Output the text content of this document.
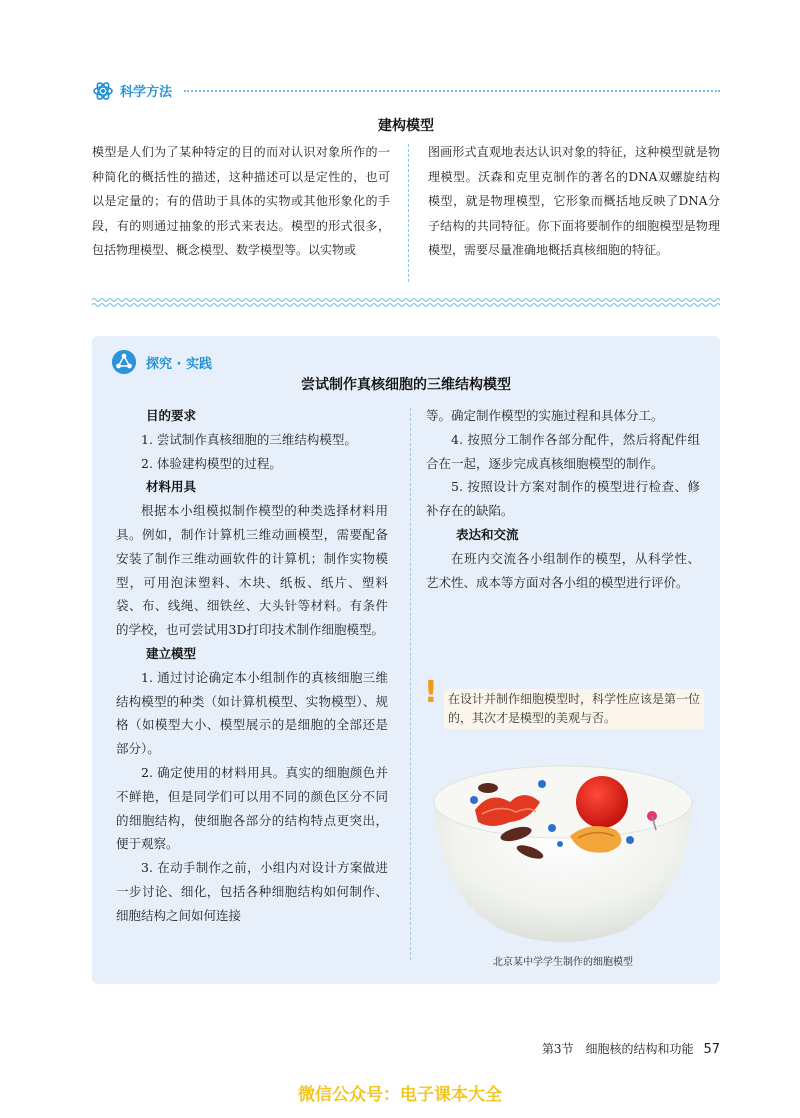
科学方法
建构模型
模型是人们为了某种特定的目的而对认识对象所作的一种简化的概括性的描述，这种描述可以是定性的，也可以是定量的；有的借助于具体的实物或其他形象化的手段，有的则通过抽象的形式来表达。模型的形式很多，包括物理模型、概念模型、数学模型等。以实物或
图画形式直观地表达认识对象的特征，这种模型就是物理模型。沃森和克里克制作的著名的DNA双螺旋结构模型，就是物理模型，它形象而概括地反映了DNA分子结构的共同特征。你下面将要制作的细胞模型是物理模型，需要尽量准确地概括真核细胞的特征。
探究 · 实践
尝试制作真核细胞的三维结构模型

目的要求

1. 尝试制作真核细胞的三维结构模型。

2. 体验建构模型的过程。

材料用具

根据本小组模拟制作模型的种类选择材料用具。例如，制作计算机三维动画模型，需要配备安装了制作三维动画软件的计算机；制作实物模型，可用泡沫塑料、木块、纸板、纸片、塑料袋、布、线绳、细铁丝、大头针等材料。有条件的学校，也可尝试用3D打印技术制作细胞模型。

建立模型

1. 通过讨论确定本小组制作的真核细胞三维结构模型的种类（如计算机模型、实物模型）、规格（如模型大小、模型展示的是细胞的全部还是部分）。

2. 确定使用的材料用具。真实的细胞颜色并不鲜艳，但是同学们可以用不同的颜色区分不同的细胞结构，使细胞各部分的结构特点更突出，便于观察。

3. 在动手制作之前，小组内对设计方案做进一步讨论、细化，包括各种细胞结构如何制作、细胞结构之间如何连接

等。确定制作模型的实施过程和具体分工。

4. 按照分工制作各部分配件，然后将配件组合在一起，逐步完成真核细胞模型的制作。

5. 按照设计方案对制作的模型进行检查、修补存在的缺陷。

表达和交流

在班内交流各小组制作的模型，从科学性、艺术性、成本等方面对各小组的模型进行评价。

! 在设计并制作细胞模型时，科学性应该是第一位的，其次才是模型的美观与否。
北京某中学学生制作的细胞模型
第3节　细胞核的结构和功能 57
微信公众号：电子课本大全
